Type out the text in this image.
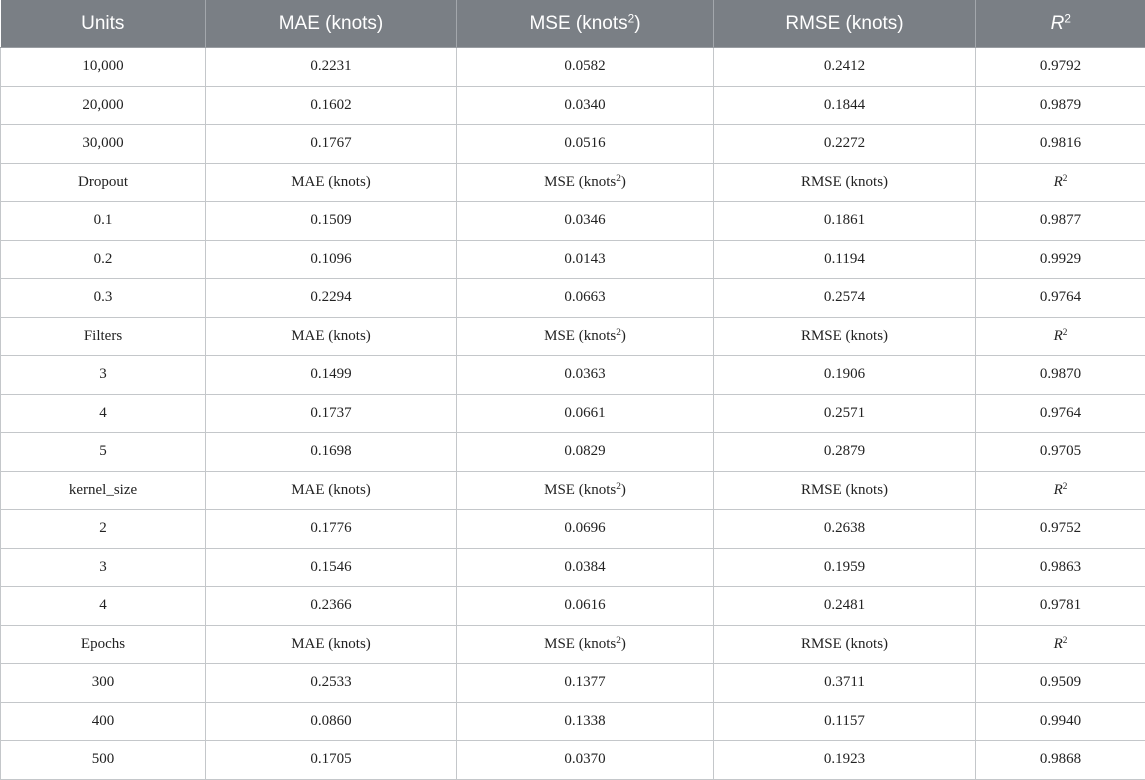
Units	MAE (knots)	MSE (knots$^2$)	RMSE (knots)	$R^2$
10,000	0.2231	0.0582	0.2412	0.9792
20,000	0.1602	0.0340	0.1844	0.9879
30,000	0.1767	0.0516	0.2272	0.9816
Dropout	MAE (knots)	MSE (knots$^2$)	RMSE (knots)	$R^2$
0.1	0.1509	0.0346	0.1861	0.9877
0.2	0.1096	0.0143	0.1194	0.9929
0.3	0.2294	0.0663	0.2574	0.9764
Filters	MAE (knots)	MSE (knots$^2$)	RMSE (knots)	$R^2$
3	0.1499	0.0363	0.1906	0.9870
4	0.1737	0.0661	0.2571	0.9764
5	0.1698	0.0829	0.2879	0.9705
kernel_size	MAE (knots)	MSE (knots$^2$)	RMSE (knots)	$R^2$
2	0.1776	0.0696	0.2638	0.9752
3	0.1546	0.0384	0.1959	0.9863
4	0.2366	0.0616	0.2481	0.9781
Epochs	MAE (knots)	MSE (knots$^2$)	RMSE (knots)	$R^2$
300	0.2533	0.1377	0.3711	0.9509
400	0.0860	0.1338	0.1157	0.9940
500	0.1705	0.0370	0.1923	0.9868
